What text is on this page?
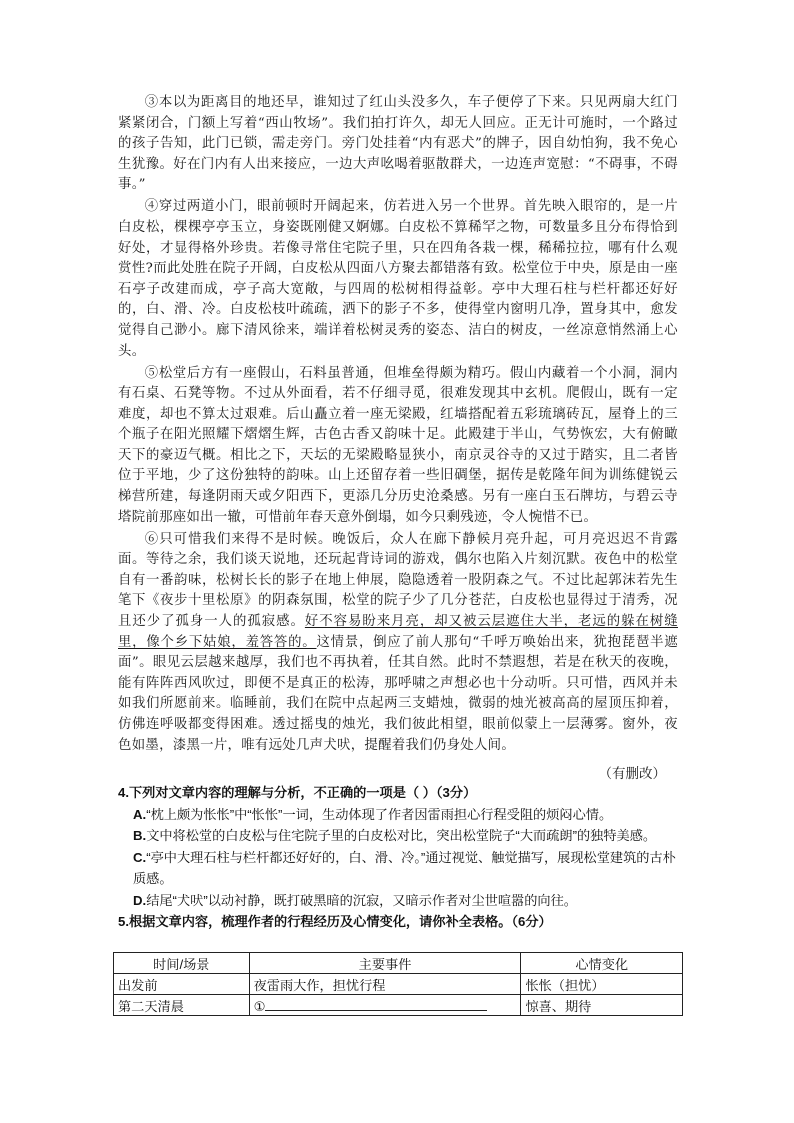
③本以为距离目的地还早，谁知过了红山头没多久，车子便停了下来。只见两扇大红门紧紧闭合，门额上写着“西山牧场”。我们拍打许久，却无人回应。正无计可施时，一个路过的孩子告知，此门已锁，需走旁门。旁门处挂着“内有恶犬”的牌子，因自幼怕狗，我不免心生犹豫。好在门内有人出来接应，一边大声吆喝着驱散群犬，一边连声宽慰：“不碍事，不碍事。”

④穿过两道小门，眼前顿时开阔起来，仿若进入另一个世界。首先映入眼帘的，是一片白皮松，棵棵亭亭玉立，身姿既刚健又婀娜。白皮松不算稀罕之物，可数量多且分布得恰到好处，才显得格外珍贵。若像寻常住宅院子里，只在四角各栽一棵，稀稀拉拉，哪有什么观赏性?而此处胜在院子开阔，白皮松从四面八方聚去都错落有致。松堂位于中央，原是由一座石亭子改建而成，亭子高大宽敞，与四周的松树相得益彰。亭中大理石柱与栏杆都还好好的，白、滑、冷。白皮松枝叶疏疏，洒下的影子不多，使得堂内窗明几净，置身其中，愈发觉得自己渺小。廊下清风徐来，端详着松树灵秀的姿态、洁白的树皮，一丝凉意悄然涌上心头。

⑤松堂后方有一座假山，石料虽普通，但堆垒得颇为精巧。假山内藏着一个小洞，洞内有石桌、石凳等物。不过从外面看，若不仔细寻觅，很难发现其中玄机。爬假山，既有一定难度，却也不算太过艰难。后山矗立着一座无梁殿，红墙搭配着五彩琉璃砖瓦，屋脊上的三个瓶子在阳光照耀下熠熠生辉，古色古香又韵味十足。此殿建于半山，气势恢宏，大有俯瞰天下的豪迈气概。相比之下，天坛的无梁殿略显狭小，南京灵谷寺的又过于踏实，且二者皆位于平地，少了这份独特的韵味。山上还留存着一些旧碉堡，据传是乾隆年间为训练健锐云梯营所建，每逢阴雨天或夕阳西下，更添几分历史沧桑感。另有一座白玉石牌坊，与碧云寺塔院前那座如出一辙，可惜前年春天意外倒塌，如今只剩残迹，令人惋惜不已。

⑥只可惜我们来得不是时候。晚饭后，众人在廊下静候月亮升起，可月亮迟迟不肯露面。等待之余，我们谈天说地，还玩起背诗词的游戏，偶尔也陷入片刻沉默。夜色中的松堂自有一番韵味，松树长长的影子在地上伸展，隐隐透着一股阴森之气。不过比起郭沫若先生笔下《夜步十里松原》的阴森氛围，松堂的院子少了几分苍茫，白皮松也显得过于清秀，况且还少了孤身一人的孤寂感。好不容易盼来月亮，却又被云层遮住大半，老远的躲在树缝里，像个乡下姑娘，羞答答的。这情景，倒应了前人那句“千呼万唤始出来，犹抱琵琶半遮面”。眼见云层越来越厚，我们也不再执着，任其自然。此时不禁遐想，若是在秋天的夜晚，能有阵阵西风吹过，即便不是真正的松涛，那呼啸之声想必也十分动听。只可惜，西风并未如我们所愿前来。临睡前，我们在院中点起两三支蜡烛，微弱的烛光被高高的屋顶压抑着，仿佛连呼吸都变得困难。透过摇曳的烛光，我们彼此相望，眼前似蒙上一层薄雾。窗外，夜色如墨，漆黑一片，唯有远处几声犬吠，提醒着我们仍身处人间。

（有删改）

4.下列对文章内容的理解与分析，不正确的一项是（ ）（3分）

A.“枕上颇为怅怅”中“怅怅”一词，生动体现了作者因雷雨担心行程受阻的烦闷心情。

B.文中将松堂的白皮松与住宅院子里的白皮松对比，突出松堂院子“大而疏朗”的独特美感。

C.“亭中大理石柱与栏杆都还好好的，白、滑、冷。”通过视觉、触觉描写，展现松堂建筑的古朴质感。

D.结尾“犬吠”以动衬静，既打破黑暗的沉寂，又暗示作者对尘世喧嚣的向往。

5.根据文章内容，梳理作者的行程经历及心情变化，请你补全表格。（6分）

时间/场景	主要事件	心情变化
出发前	夜雷雨大作，担忧行程	怅怅（担忧）
第二天清晨	①	惊喜、期待
